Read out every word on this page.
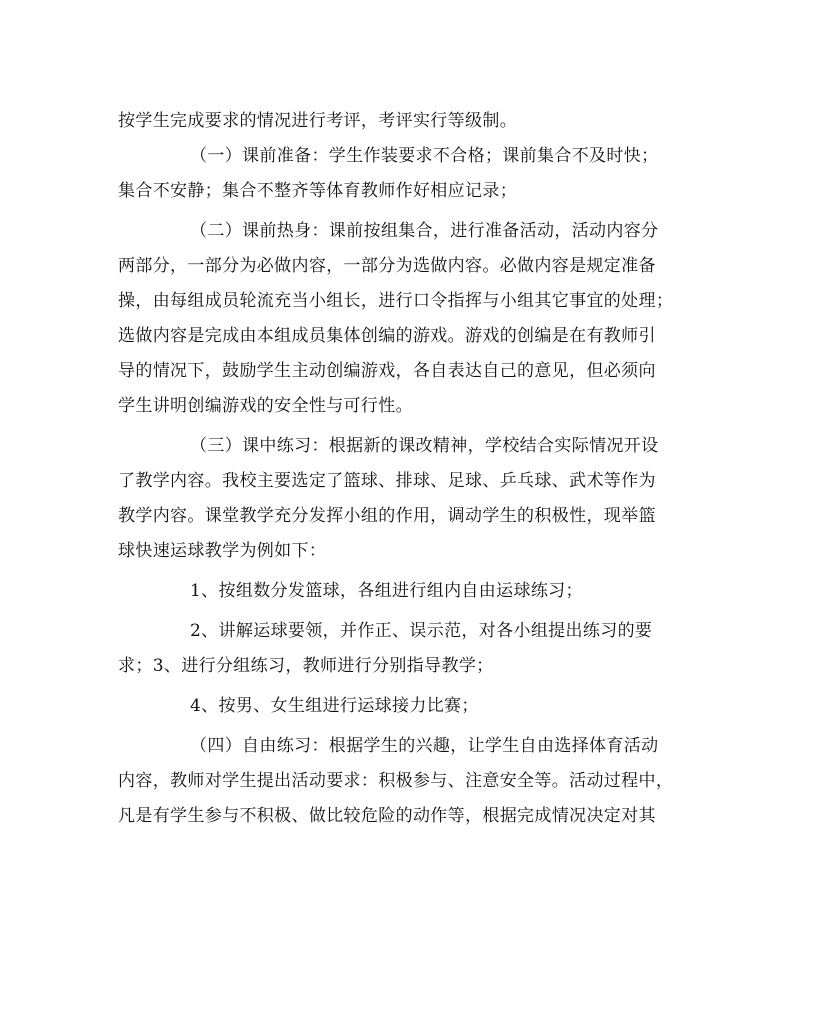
按学生完成要求的情况进行考评，考评实行等级制。
（一）课前准备：学生作装要求不合格；课前集合不及时快；
集合不安静；集合不整齐等体育教师作好相应记录；
（二）课前热身：课前按组集合，进行准备活动，活动内容分
两部分，一部分为必做内容，一部分为选做内容。必做内容是规定准备
操，由每组成员轮流充当小组长，进行口令指挥与小组其它事宜的处理；
选做内容是完成由本组成员集体创编的游戏。游戏的创编是在有教师引
导的情况下，鼓励学生主动创编游戏，各自表达自己的意见，但必须向
学生讲明创编游戏的安全性与可行性。
（三）课中练习：根据新的课改精神，学校结合实际情况开设
了教学内容。我校主要选定了篮球、排球、足球、乒乓球、武术等作为
教学内容。课堂教学充分发挥小组的作用，调动学生的积极性，现举篮
球快速运球教学为例如下：
1、按组数分发篮球，各组进行组内自由运球练习；
2、讲解运球要领，并作正、误示范，对各小组提出练习的要
求；3、进行分组练习，教师进行分别指导教学；
4、按男、女生组进行运球接力比赛；
（四）自由练习：根据学生的兴趣，让学生自由选择体育活动
内容，教师对学生提出活动要求：积极参与、注意安全等。活动过程中，
凡是有学生参与不积极、做比较危险的动作等，根据完成情况决定对其
